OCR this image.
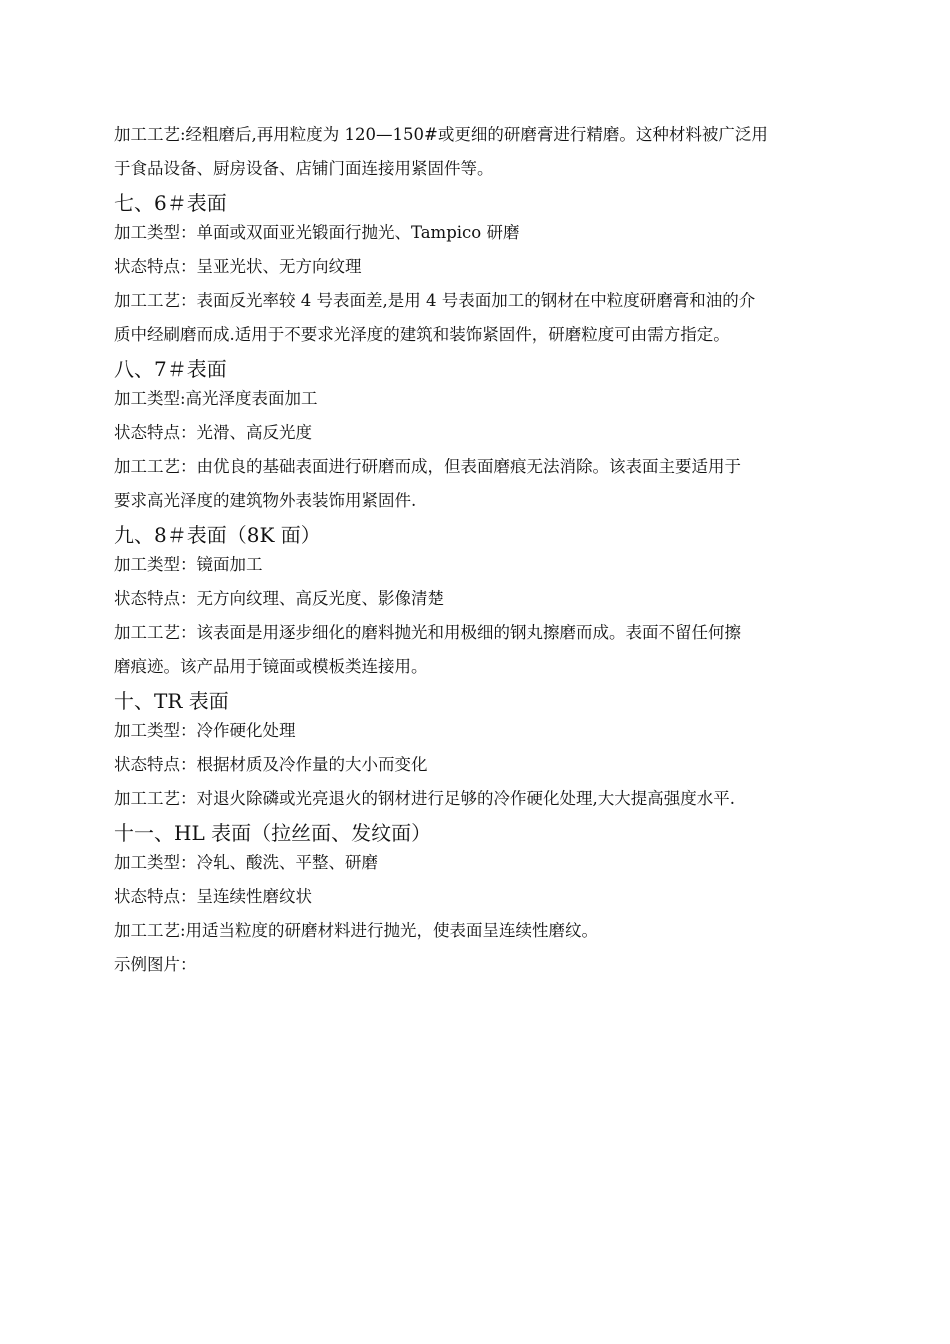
加工工艺:经粗磨后,再用粒度为 120—150#或更细的研磨膏进行精磨。这种材料被广泛用

于食品设备、厨房设备、店铺门面连接用紧固件等。

七、6＃表面

加工类型：单面或双面亚光锻面行抛光、Tampico 研磨

状态特点：呈亚光状、无方向纹理

加工工艺：表面反光率较 4 号表面差,是用 4 号表面加工的钢材在中粒度研磨膏和油的介

质中经刷磨而成.适用于不要求光泽度的建筑和装饰紧固件，研磨粒度可由需方指定。

八、7＃表面

加工类型:高光泽度表面加工

状态特点：光滑、高反光度

加工工艺：由优良的基础表面进行研磨而成，但表面磨痕无法消除。该表面主要适用于

要求高光泽度的建筑物外表装饰用紧固件.

九、8＃表面（8K 面）

加工类型：镜面加工

状态特点：无方向纹理、高反光度、影像清楚

加工工艺：该表面是用逐步细化的磨料抛光和用极细的钢丸擦磨而成。表面不留任何擦

磨痕迹。该产品用于镜面或模板类连接用。

十、TR 表面

加工类型：冷作硬化处理

状态特点：根据材质及冷作量的大小而变化

加工工艺：对退火除磷或光亮退火的钢材进行足够的冷作硬化处理,大大提高强度水平.

十一、HL 表面（拉丝面、发纹面）

加工类型：冷轧、酸洗、平整、研磨

状态特点：呈连续性磨纹状

加工工艺:用适当粒度的研磨材料进行抛光，使表面呈连续性磨纹。

示例图片：
